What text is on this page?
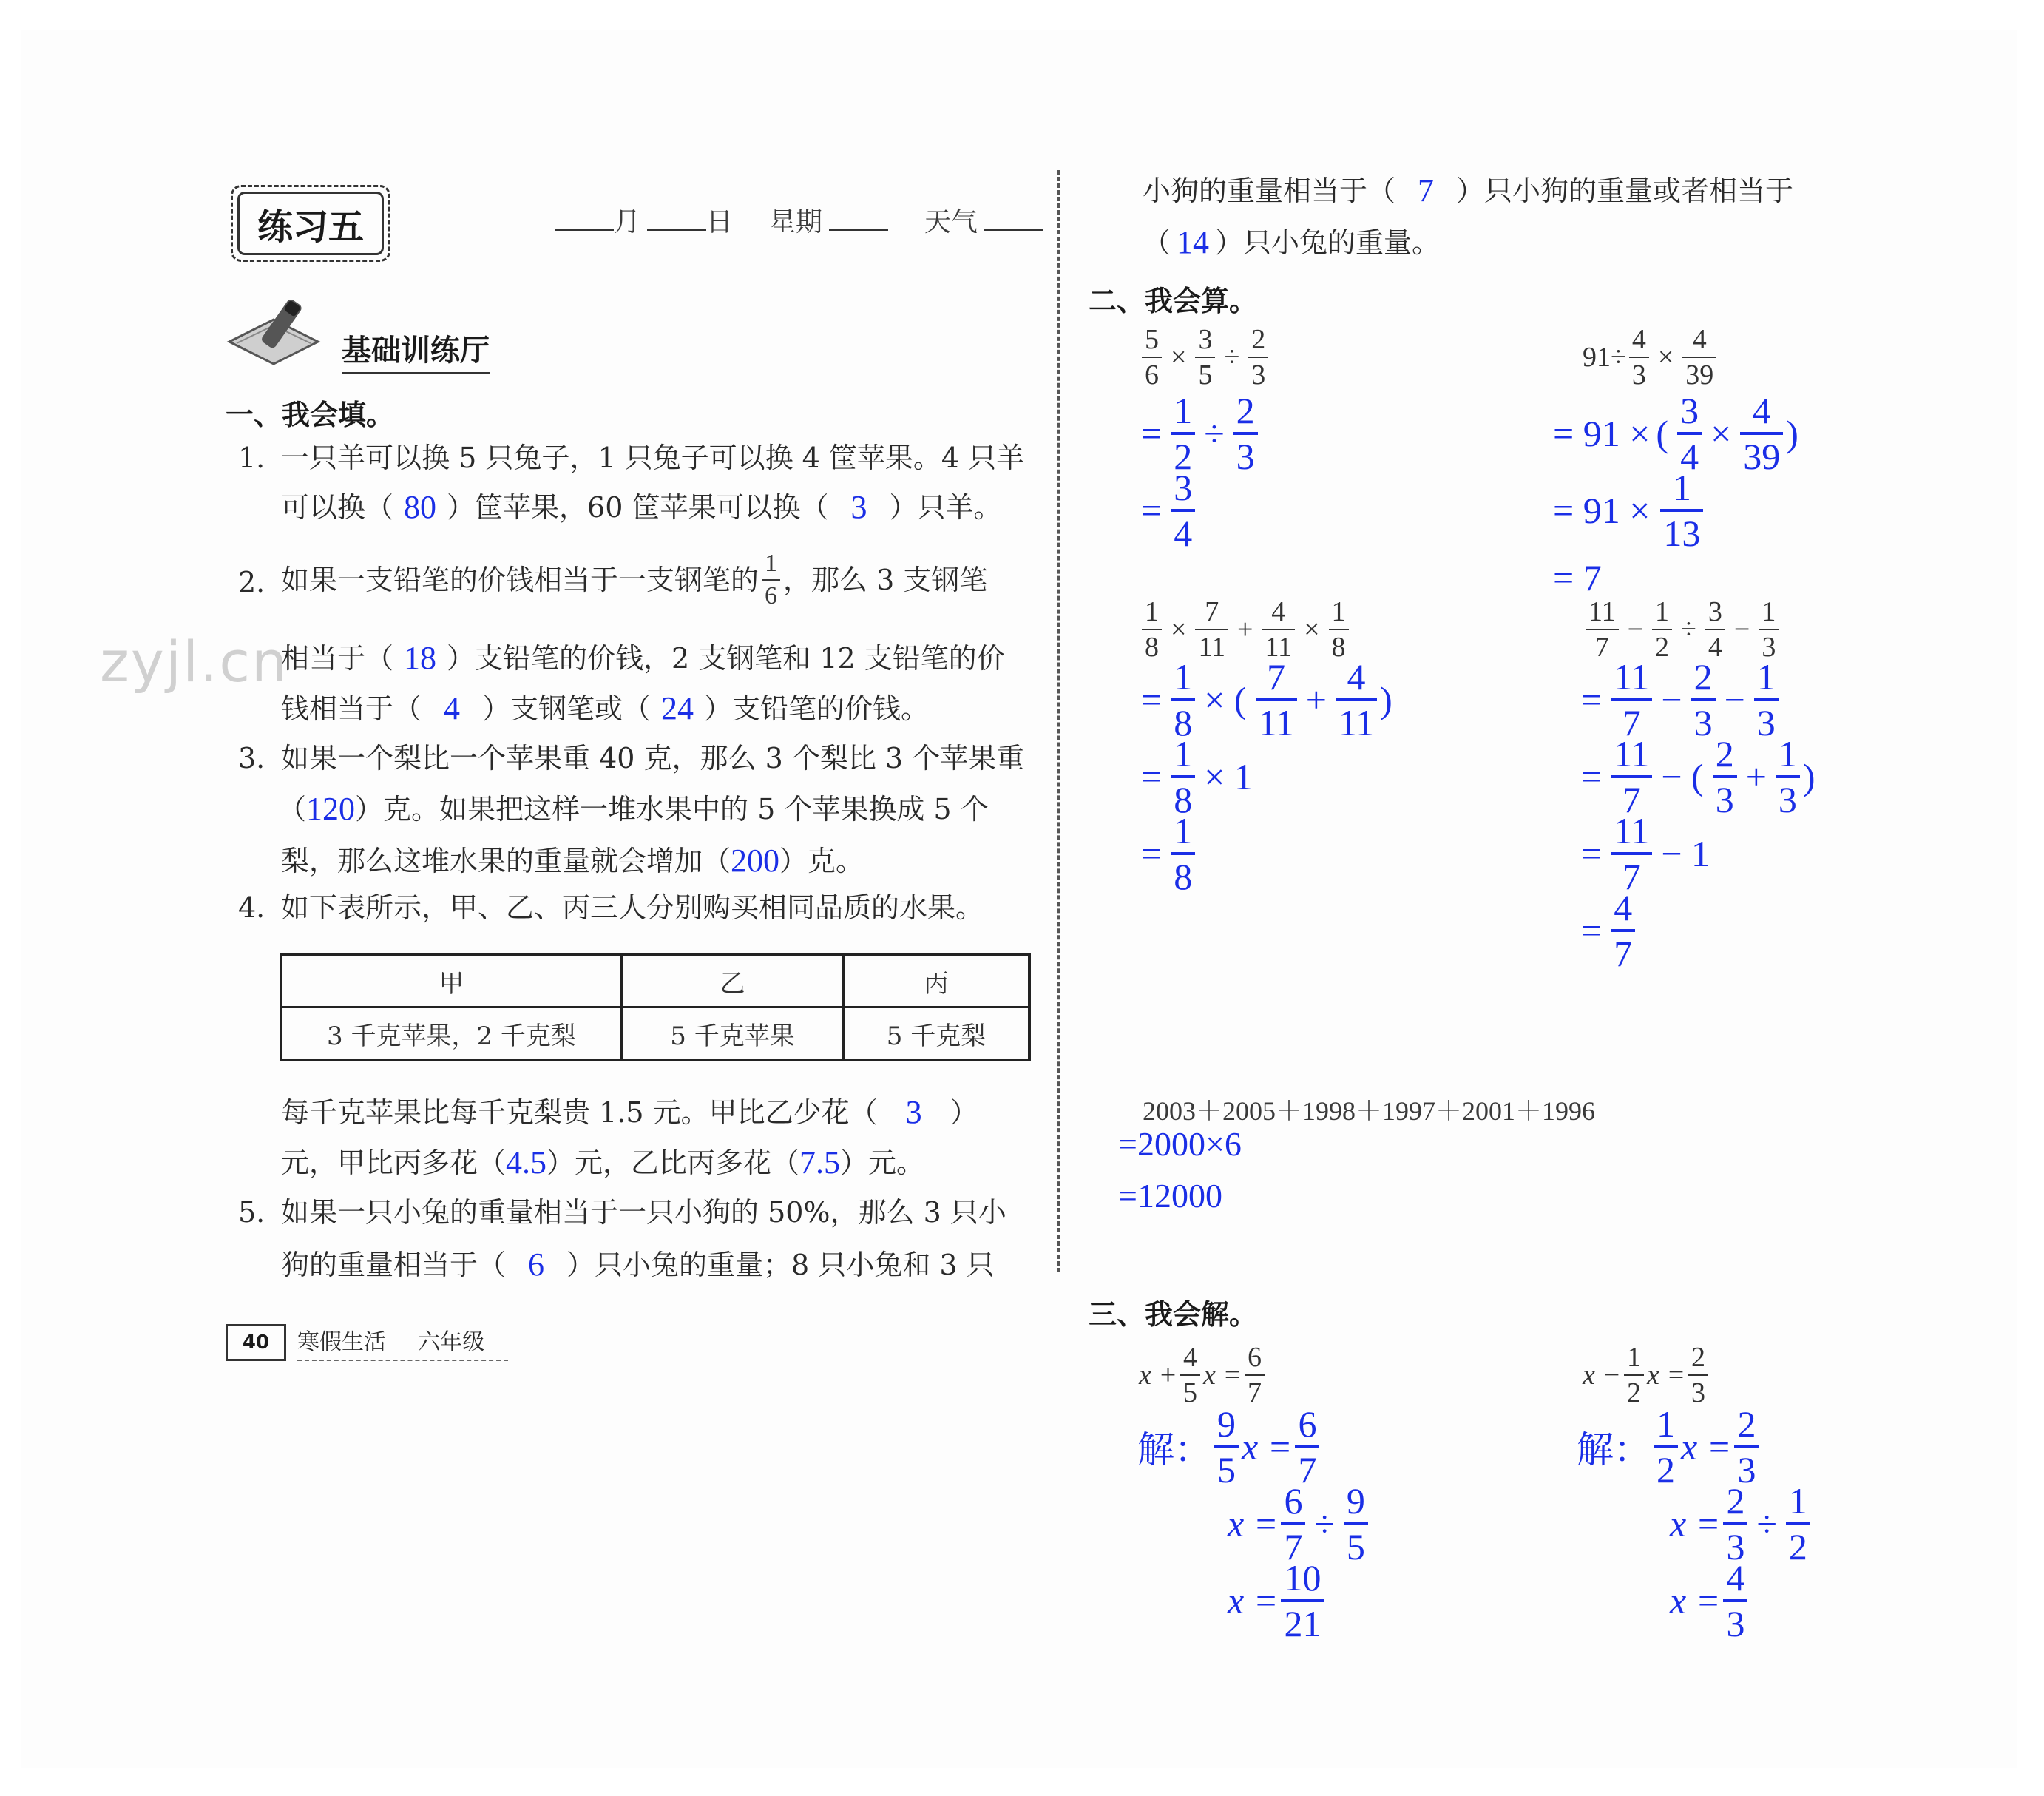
练习五	月 日 星期	天气
基础训练厅
一、我会填。
1. 一只羊可以换 5 只兔子，1 只兔子可以换 4 筐苹果。4 只羊
可以换（ 80 ）筐苹果，60 筐苹果可以换（ 3 ）只羊。
2. 如果一支铅笔的价钱相当于一支钢笔的 $\frac{1}{6}$ ，那么 3 支钢笔
相当于（ 18 ）支铅笔的价钱，2 支钢笔和 12 支铅笔的价
钱相当于（ 4 ）支钢笔或（ 24 ）支铅笔的价钱。
3. 如果一个梨比一个苹果重 40 克，那么 3 个梨比 3 个苹果重
（ 120 ）克。如果把这样一堆水果中的 5 个苹果换成 5 个
梨，那么这堆水果的重量就会增加（ 200 ）克。
4. 如下表所示，甲、乙、丙三人分别购买相同品质的水果。
甲	乙	丙
3 千克苹果，2 千克梨	5 千克苹果	5 千克梨
每千克苹果比每千克梨贵 1.5 元。甲比乙少花（ 3 ）
元，甲比丙多花（ 4.5 ）元，乙比丙多花（ 7.5 ）元。
5. 如果一只小兔的重量相当于一只小狗的 50%，那么 3 只小
狗的重量相当于（ 6 ）只小兔的重量；8 只小兔和 3 只
40 寒假生活 六年级
zyjl.cn
小狗的重量相当于（ 7 ）只小狗的重量或者相当于
（ 14 ）只小兔的重量。
二、我会算。
$\frac{5}{6} \times \frac{3}{5} \div \frac{2}{3}$
= $\frac{1}{2} \div \frac{2}{3}$
= $\frac{3}{4}$
$91\div \frac{4}{3} \times \frac{4}{39}$
= 91 × ( $\frac{3}{4} \times \frac{4}{39}$ )
= $91 \times \frac{1}{13}$
= 7
$\frac{1}{8} \times \frac{7}{11} + \frac{4}{11} \times \frac{1}{8}$
= $\frac{1}{8}$ × ( $\frac{7}{11} + \frac{4}{11}$ )
= $\frac{1}{8} \times 1$
= $\frac{1}{8}$
$\frac{11}{7} - \frac{1}{2} \div \frac{3}{4} - \frac{1}{3}$
= $\frac{11}{7} - \frac{2}{3} - \frac{1}{3}$
= $\frac{11}{7}$ − ( $\frac{2}{3} + \frac{1}{3}$ )
= $\frac{11}{7} - 1$
= $\frac{4}{7}$
2003＋2005＋1998＋1997＋2001＋1996
=2000×6
=12000
三、我会解。
$x + \frac{4}{5}$ $x = \frac{6}{7}$
解： $\frac{9}{5}$ $x = \frac{6}{7}$
$x = \frac{6}{7} \div \frac{9}{5}$
$x = \frac{10}{21}$
$x - \frac{1}{2}$ $x = \frac{2}{3}$
解： $\frac{1}{2}$ $x = \frac{2}{3}$
$x = \frac{2}{3} \div \frac{1}{2}$
$x = \frac{4}{3}$
